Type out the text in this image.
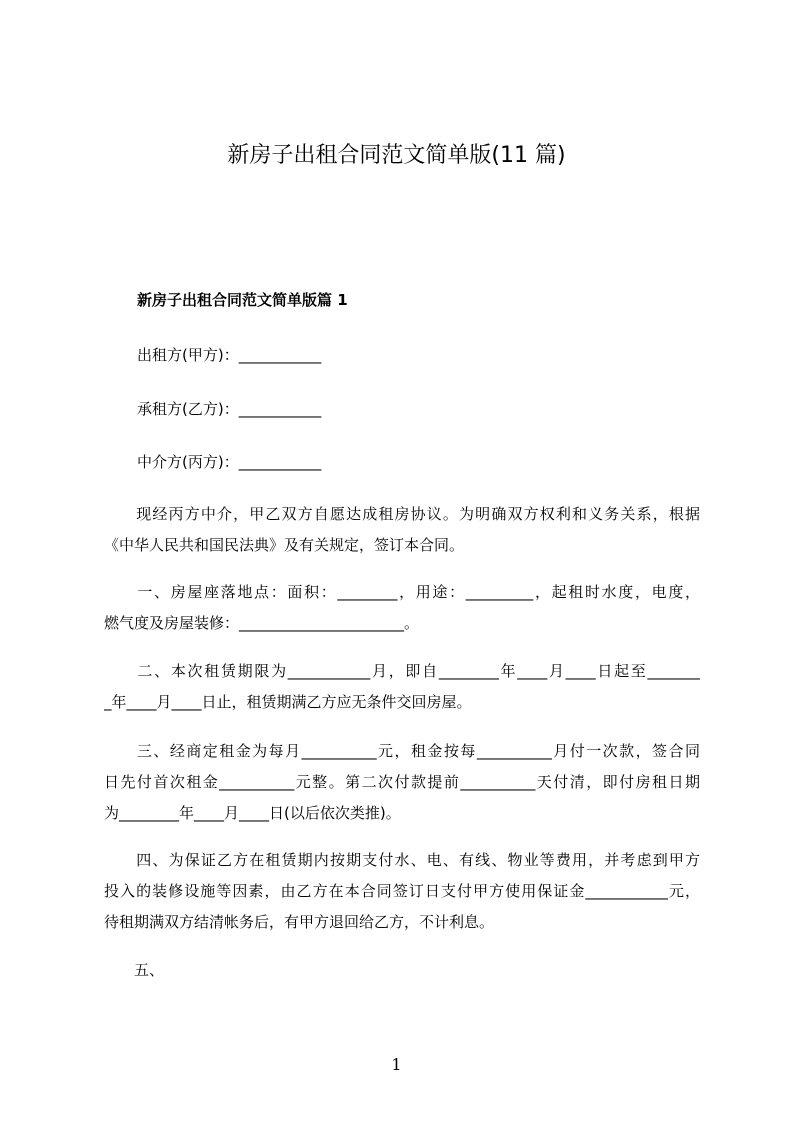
新房子出租合同范文简单版(11 篇)
新房子出租合同范文简单版篇 1
出租方(甲方)：___________
承租方(乙方)：___________
中介方(丙方)：___________
　　现经丙方中介，甲乙双方自愿达成租房协议。为明确双方权利和义务关系，根据
《中华人民共和国民法典》及有关规定，签订本合同。
　　一、房屋座落地点：面积：________，用途：_________，起租时水度，电度，
燃气度及房屋装修：______________________。
　　二、本次租赁期限为___________月，即自________年____月____日起至_______
_年____月____日止，租赁期满乙方应无条件交回房屋。
　　三、经商定租金为每月__________元，租金按每__________月付一次款，签合同
日先付首次租金__________元整。第二次付款提前__________天付清，即付房租日期
为________年____月____日(以后依次类推)。
　　四、为保证乙方在租赁期内按期支付水、电、有线、物业等费用，并考虑到甲方
投入的装修设施等因素，由乙方在本合同签订日支付甲方使用保证金___________元，
待租期满双方结清帐务后，有甲方退回给乙方，不计利息。
　　五、
1
